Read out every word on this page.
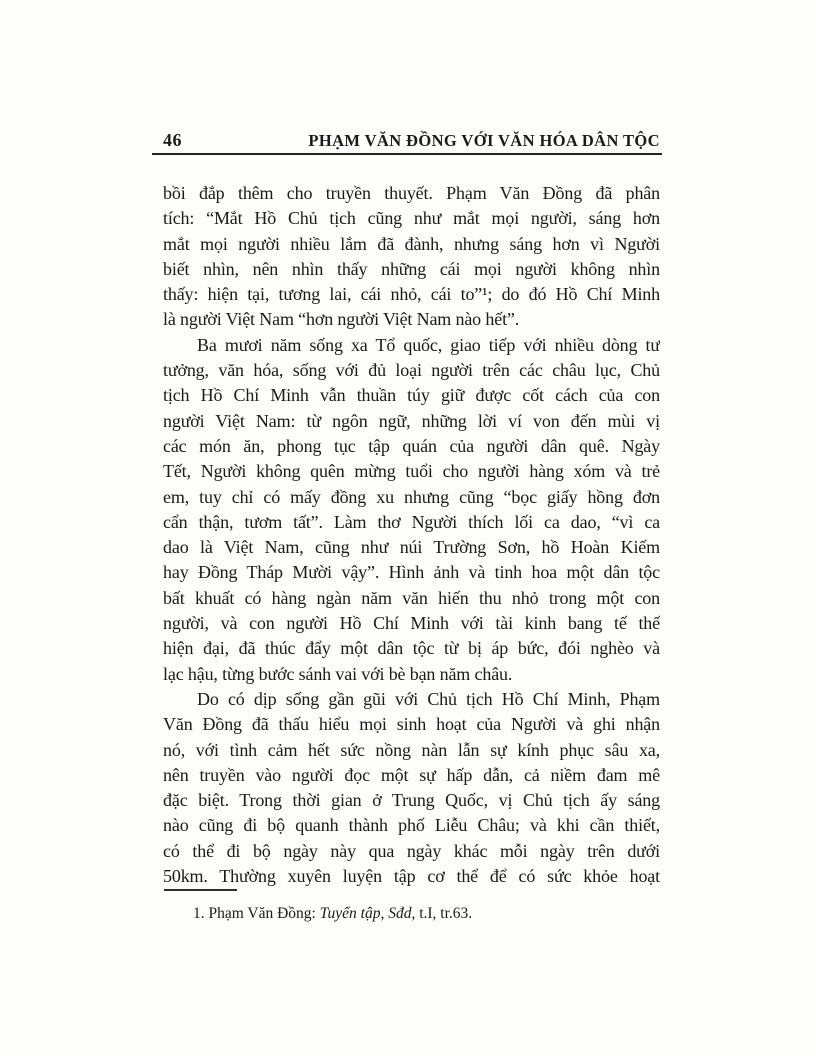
46	PHẠM VĂN ĐỒNG VỚI VĂN HÓA DÂN TỘC
bồi đắp thêm cho truyền thuyết. Phạm Văn Đồng đã phân
tích: “Mắt Hồ Chủ tịch cũng như mắt mọi người, sáng hơn
mắt mọi người nhiều lắm đã đành, nhưng sáng hơn vì Người
biết nhìn, nên nhìn thấy những cái mọi người không nhìn
thấy: hiện tại, tương lai, cái nhỏ, cái to”¹; do đó Hồ Chí Minh
là người Việt Nam “hơn người Việt Nam nào hết”.
Ba mươi năm sống xa Tổ quốc, giao tiếp với nhiều dòng tư
tưởng, văn hóa, sống với đủ loại người trên các châu lục, Chủ
tịch Hồ Chí Minh vẫn thuần túy giữ được cốt cách của con
người Việt Nam: từ ngôn ngữ, những lời ví von đến mùi vị
các món ăn, phong tục tập quán của người dân quê. Ngày
Tết, Người không quên mừng tuổi cho người hàng xóm và trẻ
em, tuy chỉ có mấy đồng xu nhưng cũng “bọc giấy hồng đơn
cẩn thận, tươm tất”. Làm thơ Người thích lối ca dao, “vì ca
dao là Việt Nam, cũng như núi Trường Sơn, hồ Hoàn Kiếm
hay Đồng Tháp Mười vậy”. Hình ảnh và tinh hoa một dân tộc
bất khuất có hàng ngàn năm văn hiến thu nhỏ trong một con
người, và con người Hồ Chí Minh với tài kinh bang tế thế
hiện đại, đã thúc đẩy một dân tộc từ bị áp bức, đói nghèo và
lạc hậu, từng bước sánh vai với bè bạn năm châu.
Do có dịp sống gần gũi với Chủ tịch Hồ Chí Minh, Phạm
Văn Đồng đã thấu hiểu mọi sinh hoạt của Người và ghi nhận
nó, với tình cảm hết sức nồng nàn lẫn sự kính phục sâu xa,
nên truyền vào người đọc một sự hấp dẫn, cả niềm đam mê
đặc biệt. Trong thời gian ở Trung Quốc, vị Chủ tịch ấy sáng
nào cũng đi bộ quanh thành phố Liễu Châu; và khi cần thiết,
có thể đi bộ ngày này qua ngày khác mỗi ngày trên dưới
50km. Thường xuyên luyện tập cơ thể để có sức khỏe hoạt
1. Phạm Văn Đồng: Tuyển tập, Sđd, t.I, tr.63.
